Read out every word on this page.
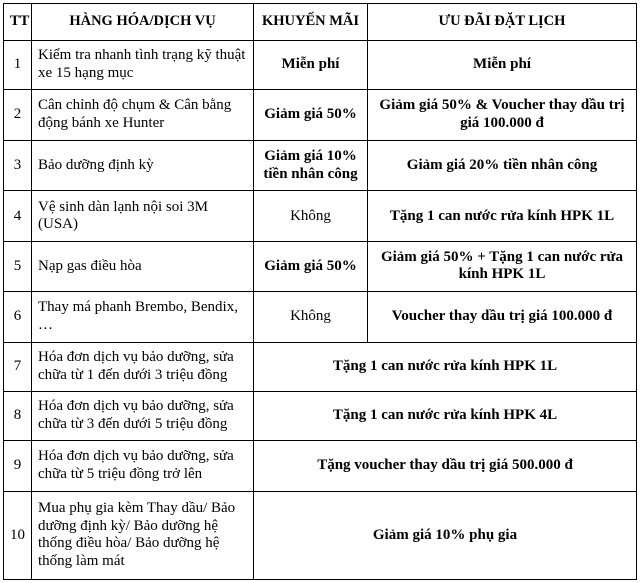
TT	HÀNG HÓA/DỊCH VỤ	KHUYẾN MÃI	ƯU ĐÃI ĐẶT LỊCH
1	Kiểm tra nhanh tình trạng kỹ thuật xe 15 hạng mục	Miễn phí	Miễn phí
2	Cân chỉnh độ chụm & Cân bằng động bánh xe Hunter	Giảm giá 50%	Giảm giá 50% & Voucher thay dầu trị giá 100.000 đ
3	Bảo dưỡng định kỳ	Giảm giá 10% tiền nhân công	Giảm giá 20% tiền nhân công
4	Vệ sinh dàn lạnh nội soi 3M (USA)	Không	Tặng 1 can nước rửa kính HPK 1L
5	Nạp gas điều hòa	Giảm giá 50%	Giảm giá 50% + Tặng 1 can nước rửa kính HPK 1L
6	Thay má phanh Brembo, Bendix, …	Không	Voucher thay dầu trị giá 100.000 đ
7	Hóa đơn dịch vụ bảo dưỡng, sửa chữa từ 1 đến dưới 3 triệu đồng	Tặng 1 can nước rửa kính HPK 1L	
8	Hóa đơn dịch vụ bảo dưỡng, sửa chữa từ 3 đến dưới 5 triệu đồng	Tặng 1 can nước rửa kính HPK 4L	
9	Hóa đơn dịch vụ bảo dưỡng, sửa chữa từ 5 triệu đồng trở lên	Tặng voucher thay dầu trị giá 500.000 đ	
10	Mua phụ gia kèm Thay dầu/ Bảo dưỡng định kỳ/ Bảo dưỡng hệ thống điều hòa/ Bảo dưỡng hệ thống làm mát	Giảm giá 10% phụ gia	
